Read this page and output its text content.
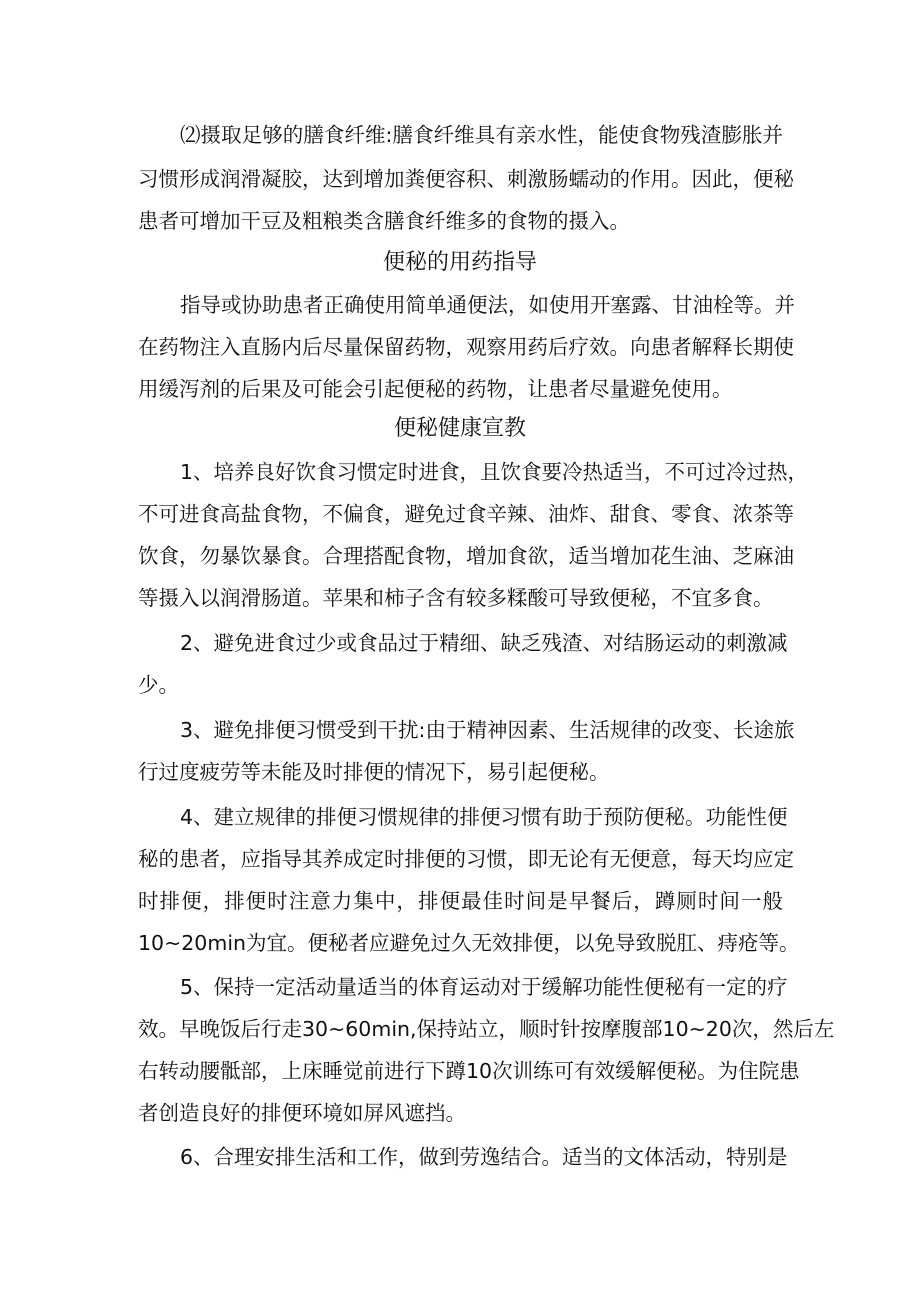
⑵摄取足够的膳食纤维:膳食纤维具有亲水性，能使食物残渣膨胀并
习惯形成润滑凝胶，达到增加粪便容积、刺激肠蠕动的作用。因此，便秘
患者可增加干豆及粗粮类含膳食纤维多的食物的摄入。
便秘的用药指导
指导或协助患者正确使用简单通便法，如使用开塞露、甘油栓等。并
在药物注入直肠内后尽量保留药物，观察用药后疗效。向患者解释长期使
用缓泻剂的后果及可能会引起便秘的药物，让患者尽量避免使用。
便秘健康宣教
1、培养良好饮食习惯定时进食，且饮食要冷热适当，不可过冷过热，
不可进食高盐食物，不偏食，避免过食辛辣、油炸、甜食、零食、浓茶等
饮食，勿暴饮暴食。合理搭配食物，增加食欲，适当增加花生油、芝麻油
等摄入以润滑肠道。苹果和柿子含有较多糅酸可导致便秘，不宜多食。
2、避免进食过少或食品过于精细、缺乏残渣、对结肠运动的刺激减
少。
3、避免排便习惯受到干扰:由于精神因素、生活规律的改变、长途旅
行过度疲劳等未能及时排便的情况下，易引起便秘。
4、建立规律的排便习惯规律的排便习惯有助于预防便秘。功能性便
秘的患者，应指导其养成定时排便的习惯，即无论有无便意，每天均应定
时排便，排便时注意力集中，排便最佳时间是早餐后，蹲厕时间一般
10~20min为宜。便秘者应避免过久无效排便，以免导致脱肛、痔疮等。
5、保持一定活动量适当的体育运动对于缓解功能性便秘有一定的疗
效。早晚饭后行走30~60min,保持站立，顺时针按摩腹部10~20次，然后左
右转动腰骶部，上床睡觉前进行下蹲10次训练可有效缓解便秘。为住院患
者创造良好的排便环境如屏风遮挡。
6、合理安排生活和工作，做到劳逸结合。适当的文体活动，特别是
